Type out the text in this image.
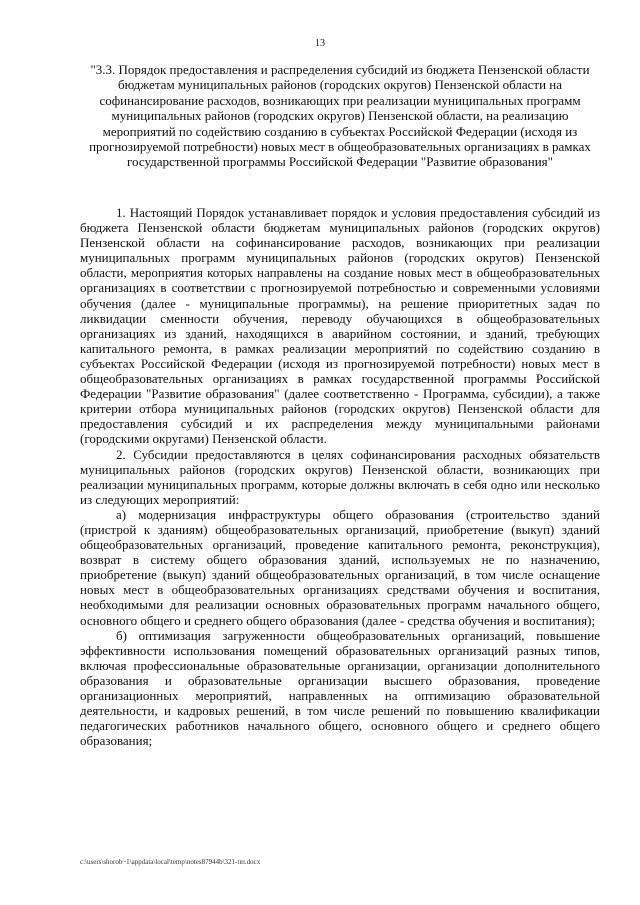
13
"3.3. Порядок предоставления и распределения субсидий из бюджета Пензенской области бюджетам муниципальных районов (городских округов) Пензенской области на софинансирование расходов, возникающих при реализации муниципальных программ муниципальных районов (городских округов) Пензенской области, на реализацию мероприятий по содействию созданию в субъектах Российской Федерации (исходя из прогнозируемой потребности) новых мест в общеобразовательных организациях в рамках государственной программы Российской Федерации "Развитие образования"

1. Настоящий Порядок устанавливает порядок и условия предоставления субсидий из бюджета Пензенской области бюджетам муниципальных районов (городских округов) Пензенской области на софинансирование расходов, возникающих при реализации муниципальных программ муниципальных районов (городских округов) Пензенской области, мероприятия которых направлены на создание новых мест в общеобразовательных организациях в соответствии с прогнозируемой потребностью и современными условиями обучения (далее - муниципальные программы), на решение приоритетных задач по ликвидации сменности обучения, переводу обучающихся в общеобразовательных организациях из зданий, находящихся в аварийном состоянии, и зданий, требующих капитального ремонта, в рамках реализации мероприятий по содействию созданию в субъектах Российской Федерации (исходя из прогнозируемой потребности) новых мест в общеобразовательных организациях в рамках государственной программы Российской Федерации "Развитие образования" (далее соответственно - Программа, субсидии), а также критерии отбора муниципальных районов (городских округов) Пензенской области для предоставления субсидий и их распределения между муниципальными районами (городскими округами) Пензенской области.

2. Субсидии предоставляются в целях софинансирования расходных обязательств муниципальных районов (городских округов) Пензенской области, возникающих при реализации муниципальных программ, которые должны включать в себя одно или несколько из следующих мероприятий:

а) модернизация инфраструктуры общего образования (строительство зданий (пристрой к зданиям) общеобразовательных организаций, приобретение (выкуп) зданий общеобразовательных организаций, проведение капитального ремонта, реконструкция), возврат в систему общего образования зданий, используемых не по назначению, приобретение (выкуп) зданий общеобразовательных организаций, в том числе оснащение новых мест в общеобразовательных организациях средствами обучения и воспитания, необходимыми для реализации основных образовательных программ начального общего, основного общего и среднего общего образования (далее - средства обучения и воспитания);

б) оптимизация загруженности общеобразовательных организаций, повышение эффективности использования помещений образовательных организаций разных типов, включая профессиональные образовательные организации, организации дополнительного образования и образовательные организации высшего образования, проведение организационных мероприятий, направленных на оптимизацию образовательной деятельности, и кадровых решений, в том числе решений по повышению квалификации педагогических работников начального общего, основного общего и среднего общего образования;

c:\users\shorob~1\appdata\local\temp\notes87944b\321-пп.docx
